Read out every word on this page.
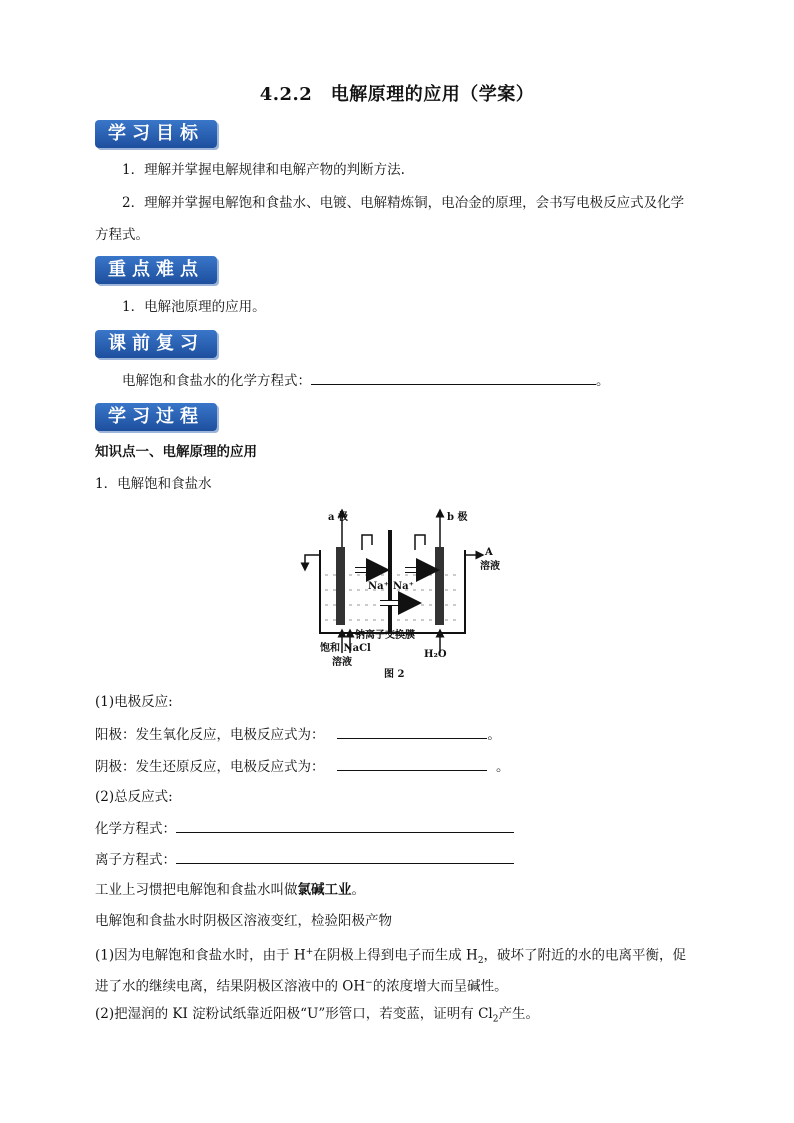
4.2.2　电解原理的应用（学案）
学习目标
1．理解并掌握电解规律和电解产物的判断方法.
2．理解并掌握电解饱和食盐水、电镀、电解精炼铜，电冶金的原理，会书写电极反应式及化学
方程式。
重点难点
1．电解池原理的应用。
课前复习
电解饱和食盐水的化学方程式：	。
学习过程
知识点一、电解原理的应用
1．电解饱和食盐水
a 极	b 极
A
溶液
Na⁺ Na⁺
钠离子交换膜
饱和 NaCl
溶液
H₂O
图 2
(1)电极反应:
阳极：发生氧化反应，电极反应式为：	。
阴极：发生还原反应，电极反应式为：	。
(2)总反应式:
化学方程式：
离子方程式：
工业上习惯把电解饱和食盐水叫做氯碱工业。
电解饱和食盐水时阴极区溶液变红，检验阳极产物
(1)因为电解饱和食盐水时，由于 H+在阴极上得到电子而生成 $H_2$，破坏了附近的水的电离平衡，促
进了水的继续电离，结果阴极区溶液中的 OH−的浓度增大而呈碱性。
(2)把湿润的 KI 淀粉试纸靠近阳极“U”形管口，若变蓝，证明有 $Cl_2$产生。
